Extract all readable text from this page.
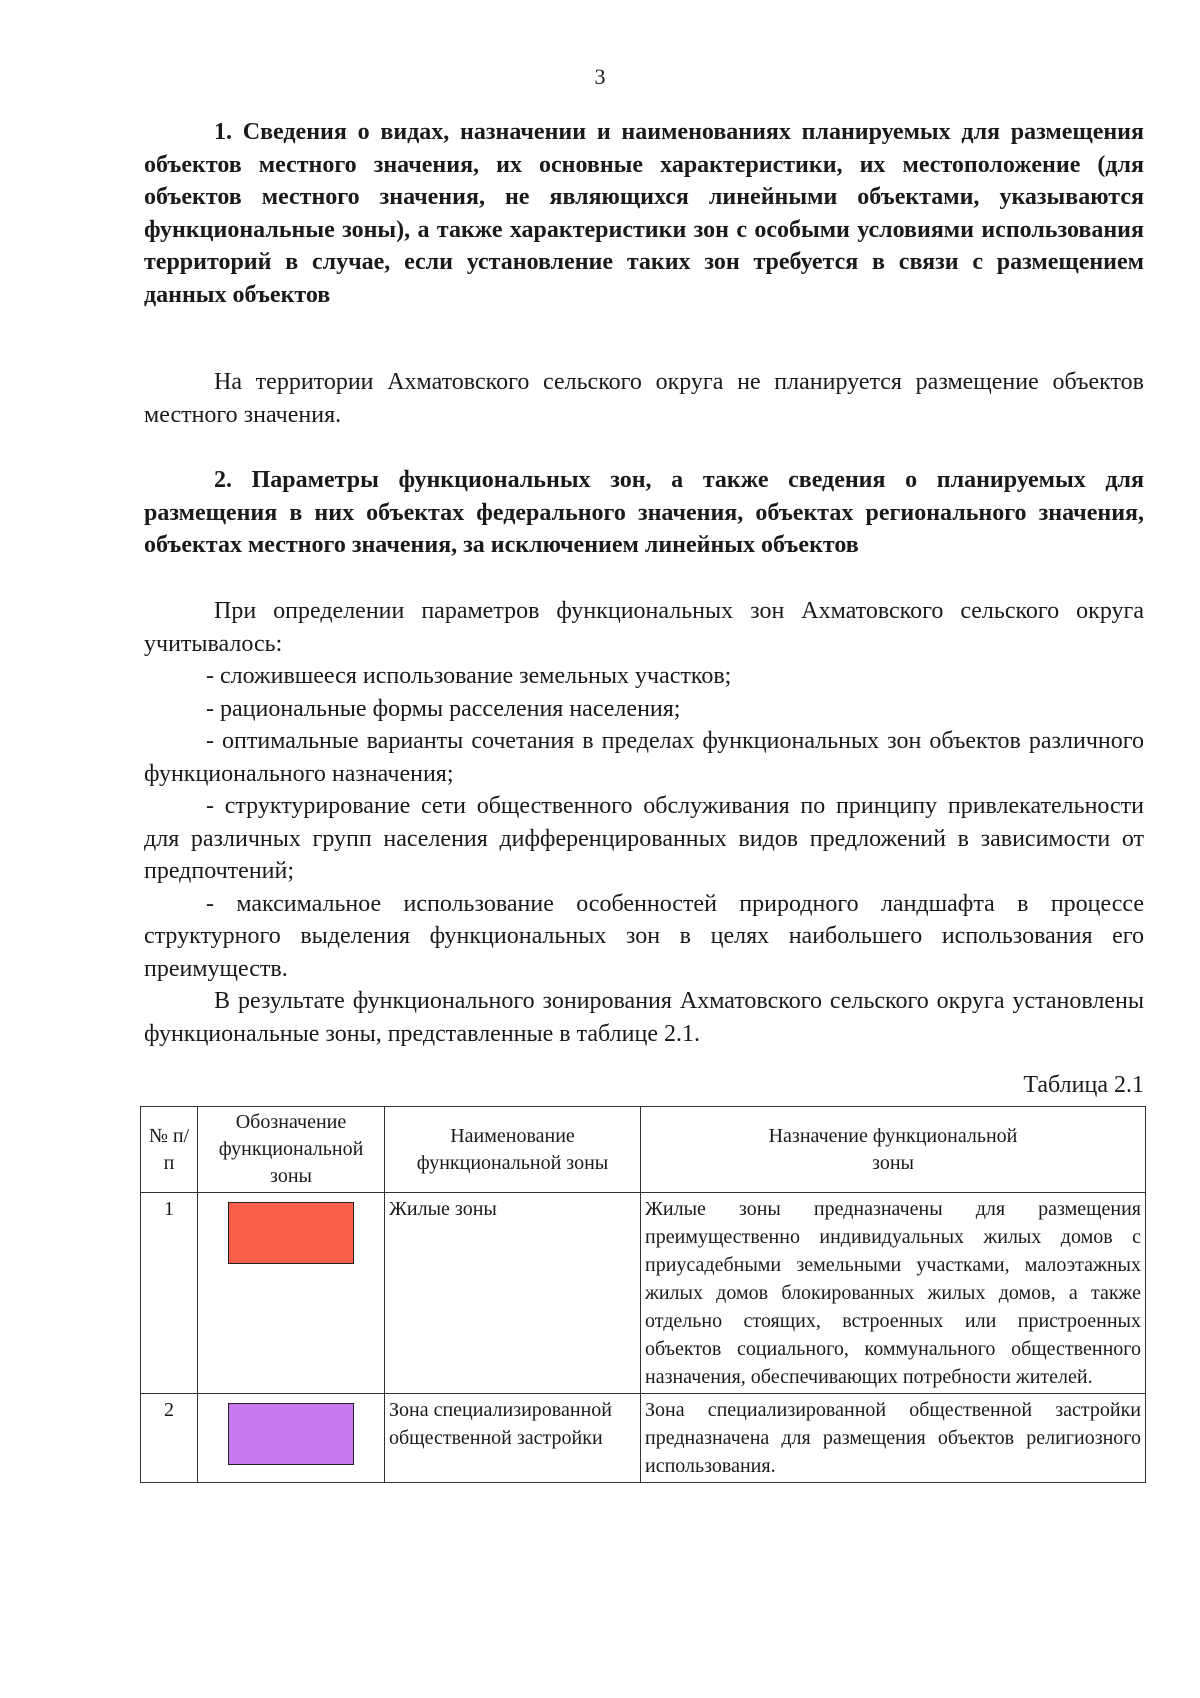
3
1. Сведения о видах, назначении и наименованиях планируемых для размещения объектов местного значения, их основные характеристики, их местоположение (для объектов местного значения, не являющихся линейными объектами, указываются функциональные зоны), а также характеристики зон с особыми условиями использования территорий в случае, если установление таких зон требуется в связи с размещением данных объектов
На территории Ахматовского сельского округа не планируется размещение объектов местного значения.
2. Параметры функциональных зон, а также сведения о планируемых для размещения в них объектах федерального значения, объектах регионального значения, объектах местного значения, за исключением линейных объектов

При определении параметров функциональных зон Ахматовского сельского округа учитывалось:

- сложившееся использование земельных участков;

- рациональные формы расселения населения;

- оптимальные варианты сочетания в пределах функциональных зон объектов различного функционального назначения;

- структурирование сети общественного обслуживания по принципу привлекательности для различных групп населения дифференцированных видов предложений в зависимости от предпочтений;

- максимальное использование особенностей природного ландшафта в процессе структурного выделения функциональных зон в целях наибольшего использования его преимуществ.

В результате функционального зонирования Ахматовского сельского округа установлены функциональные зоны, представленные в таблице 2.1.

Таблица 2.1
№ п/п	Обозначение функциональной зоны	Наименование функциональной зоны	Назначение функциональной зоны
1		Жилые зоны	Жилые зоны предназначены для размещения преимущественно индивидуальных жилых домов с приусадебными земельными участками, малоэтажных жилых домов блокированных жилых домов, а также отдельно стоящих, встроенных или пристроенных объектов социального, коммунального общественного назначения, обеспечивающих потребности жителей.
2		Зона специализированной общественной застройки	Зона специализированной общественной застройки предназначена для размещения объектов религиозного использования.
